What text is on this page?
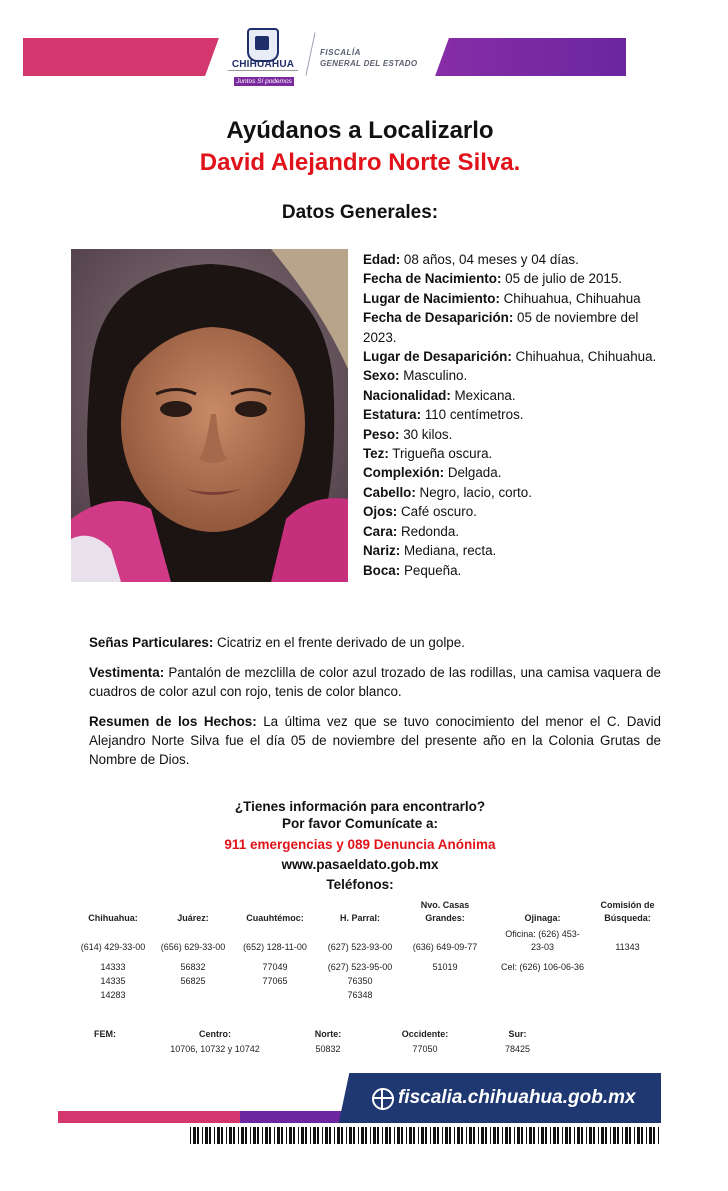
CHIHUAHUA
Juntos Sí podemos
FISCALÍA
GENERAL DEL ESTADO
Ayúdanos a Localizarlo
David Alejandro Norte Silva.
Datos Generales:
Edad: 08 años, 04 meses y 04 días.
Fecha de Nacimiento: 05 de julio de 2015.
Lugar de Nacimiento: Chihuahua, Chihuahua
Fecha de Desaparición: 05 de noviembre del 2023.
Lugar de Desaparición: Chihuahua, Chihuahua.
Sexo: Masculino.
Nacionalidad: Mexicana.
Estatura: 110 centímetros.
Peso: 30 kilos.
Tez: Trigueña oscura.
Complexión: Delgada.
Cabello: Negro, lacio, corto.
Ojos: Café oscuro.
Cara: Redonda.
Nariz: Mediana, recta.
Boca: Pequeña.
Señas Particulares: Cicatriz en el frente derivado de un golpe.
Vestimenta: Pantalón de mezclilla de color azul trozado de las rodillas, una camisa vaquera de cuadros de color azul con rojo, tenis de color blanco.
Resumen de los Hechos: La última vez que se tuvo conocimiento del menor el C. David Alejandro Norte Silva fue el día 05 de noviembre del presente año en la Colonia Grutas de Nombre de Dios.
¿Tienes información para encontrarlo?
Por favor Comunícate a:
911 emergencias y 089 Denuncia Anónima
www.pasaeldato.gob.mx
Teléfonos:
Chihuahua:
(614) 429-33-00
14333
14335
14283
Juárez:
(656) 629-33-00
56832
56825
Cuauhtémoc:
(652) 128-11-00
77049
77065
H. Parral:
(627) 523-93-00
(627) 523-95-00
76350
76348
Nvo. Casas
Grandes:
(636) 649-09-77
51019
Ojinaga:
Oficina: (626) 453-
23-03
Cel: (626) 106-06-36
Comisión de
Búsqueda:
11343
FEM:	Centro:
10706, 10732 y 10742
Norte:
50832
Occidente:
77050
Sur:
78425
fiscalia.chihuahua.gob.mx
